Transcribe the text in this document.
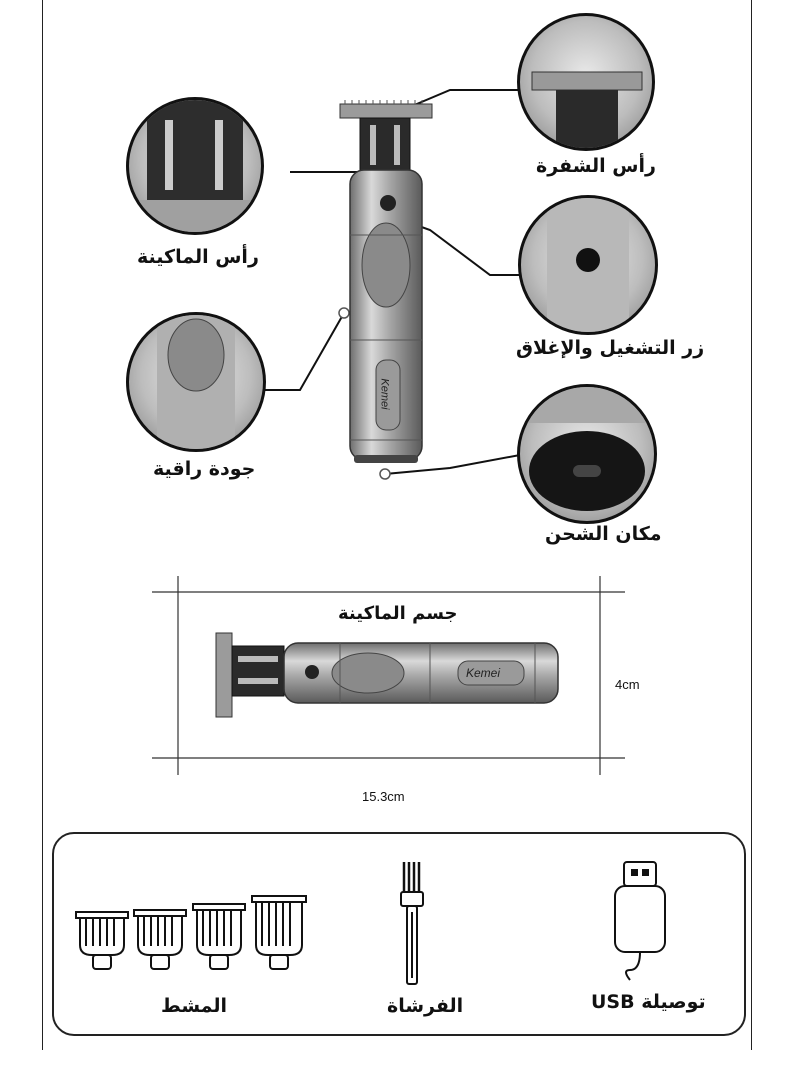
Kemei
Kemei
رأس الشفرة
رأس الماكينة
زر التشغيل والإغلاق
جودة راقية
مكان الشحن
جسم الماكينة
15.3cm
4cm
المشط	الفرشاة	توصيلة USB
